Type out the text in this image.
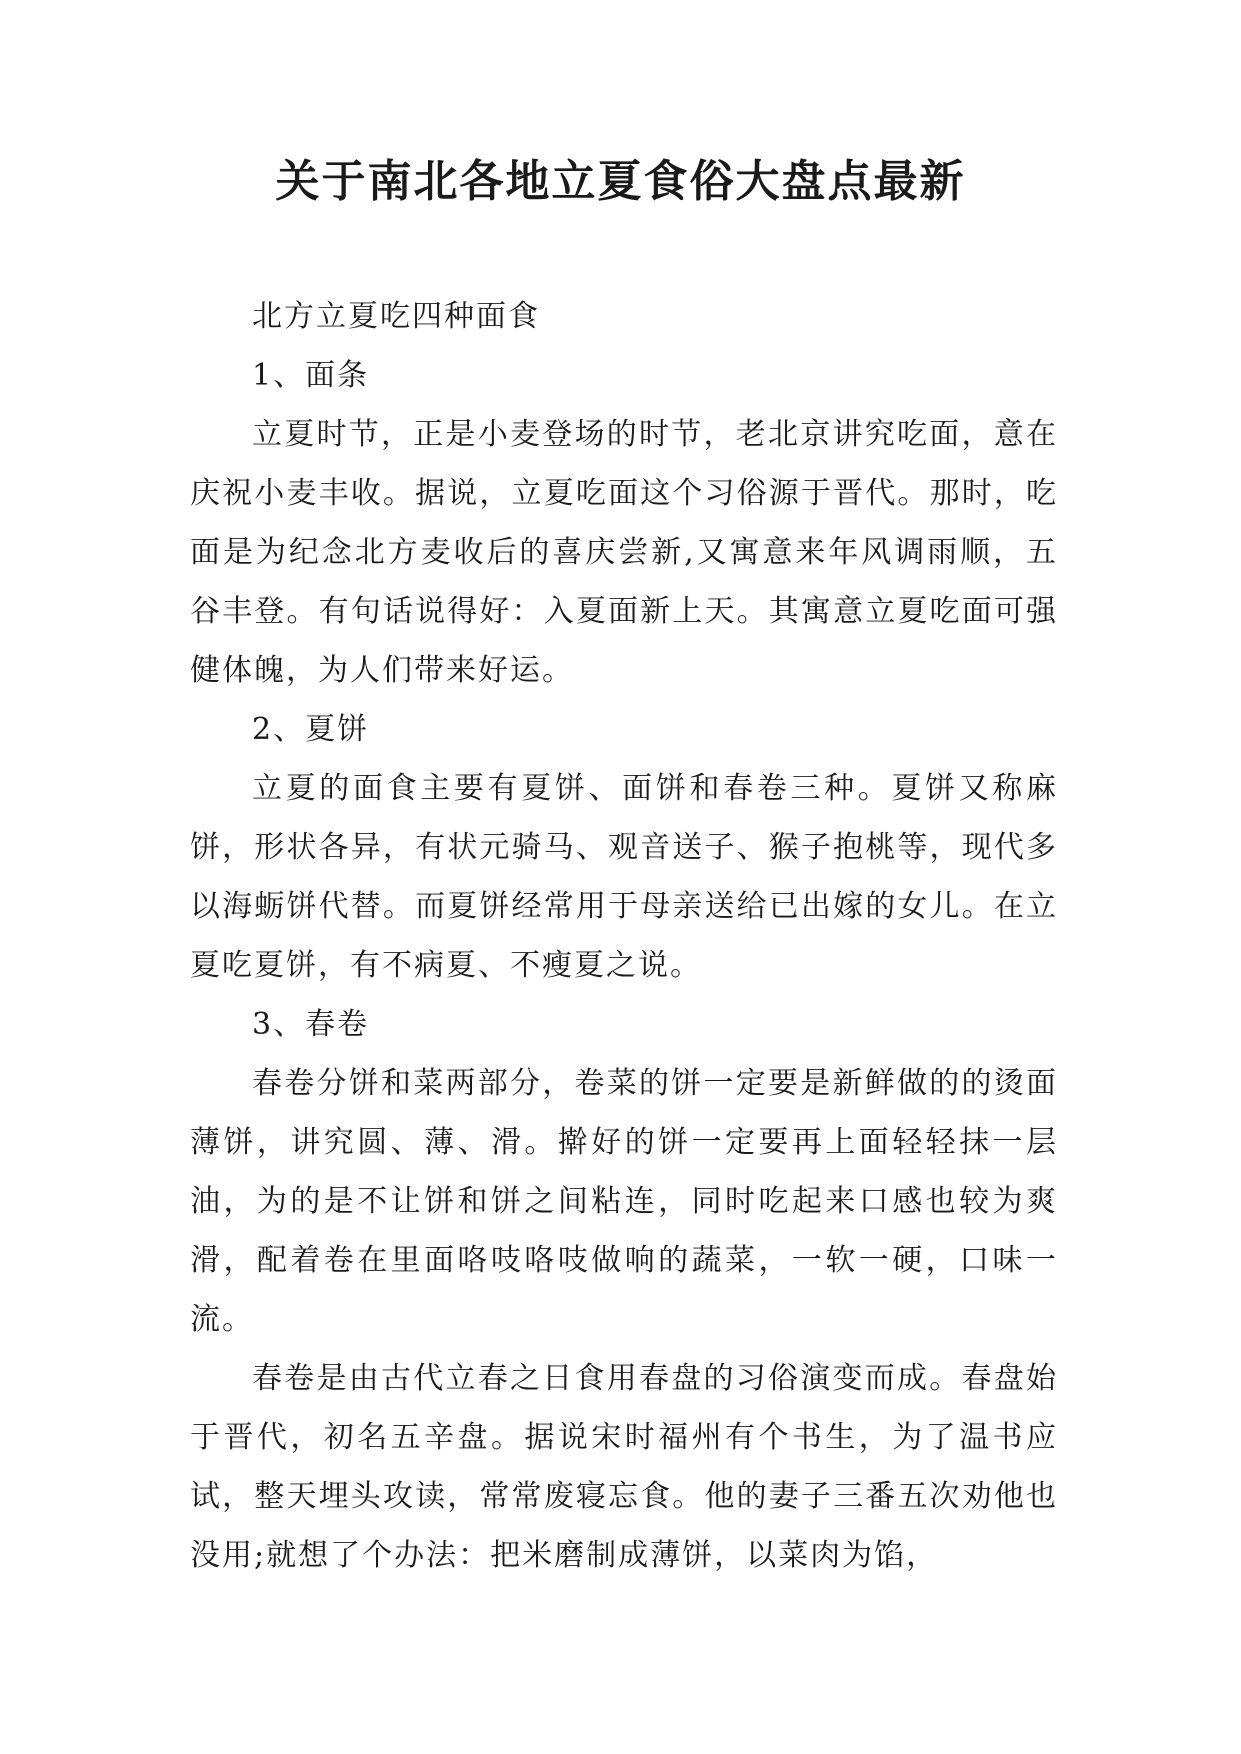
关于南北各地立夏食俗大盘点最新

北方立夏吃四种面食

1、面条

立夏时节，正是小麦登场的时节，老北京讲究吃面，意在庆祝小麦丰收。据说，立夏吃面这个习俗源于晋代。那时，吃面是为纪念北方麦收后的喜庆尝新,又寓意来年风调雨顺，五谷丰登。有句话说得好：入夏面新上天。其寓意立夏吃面可强健体魄，为人们带来好运。

2、夏饼

立夏的面食主要有夏饼、面饼和春卷三种。夏饼又称麻饼，形状各异，有状元骑马、观音送子、猴子抱桃等，现代多以海蛎饼代替。而夏饼经常用于母亲送给已出嫁的女儿。在立夏吃夏饼，有不病夏、不瘦夏之说。

3、春卷

春卷分饼和菜两部分，卷菜的饼一定要是新鲜做的的烫面薄饼，讲究圆、薄、滑。擀好的饼一定要再上面轻轻抹一层油，为的是不让饼和饼之间粘连，同时吃起来口感也较为爽滑，配着卷在里面咯吱咯吱做响的蔬菜，一软一硬，口味一流。

春卷是由古代立春之日食用春盘的习俗演变而成。春盘始于晋代，初名五辛盘。据说宋时福州有个书生，为了温书应试，整天埋头攻读，常常废寝忘食。他的妻子三番五次劝他也没用;就想了个办法：把米磨制成薄饼，以菜肉为馅，
